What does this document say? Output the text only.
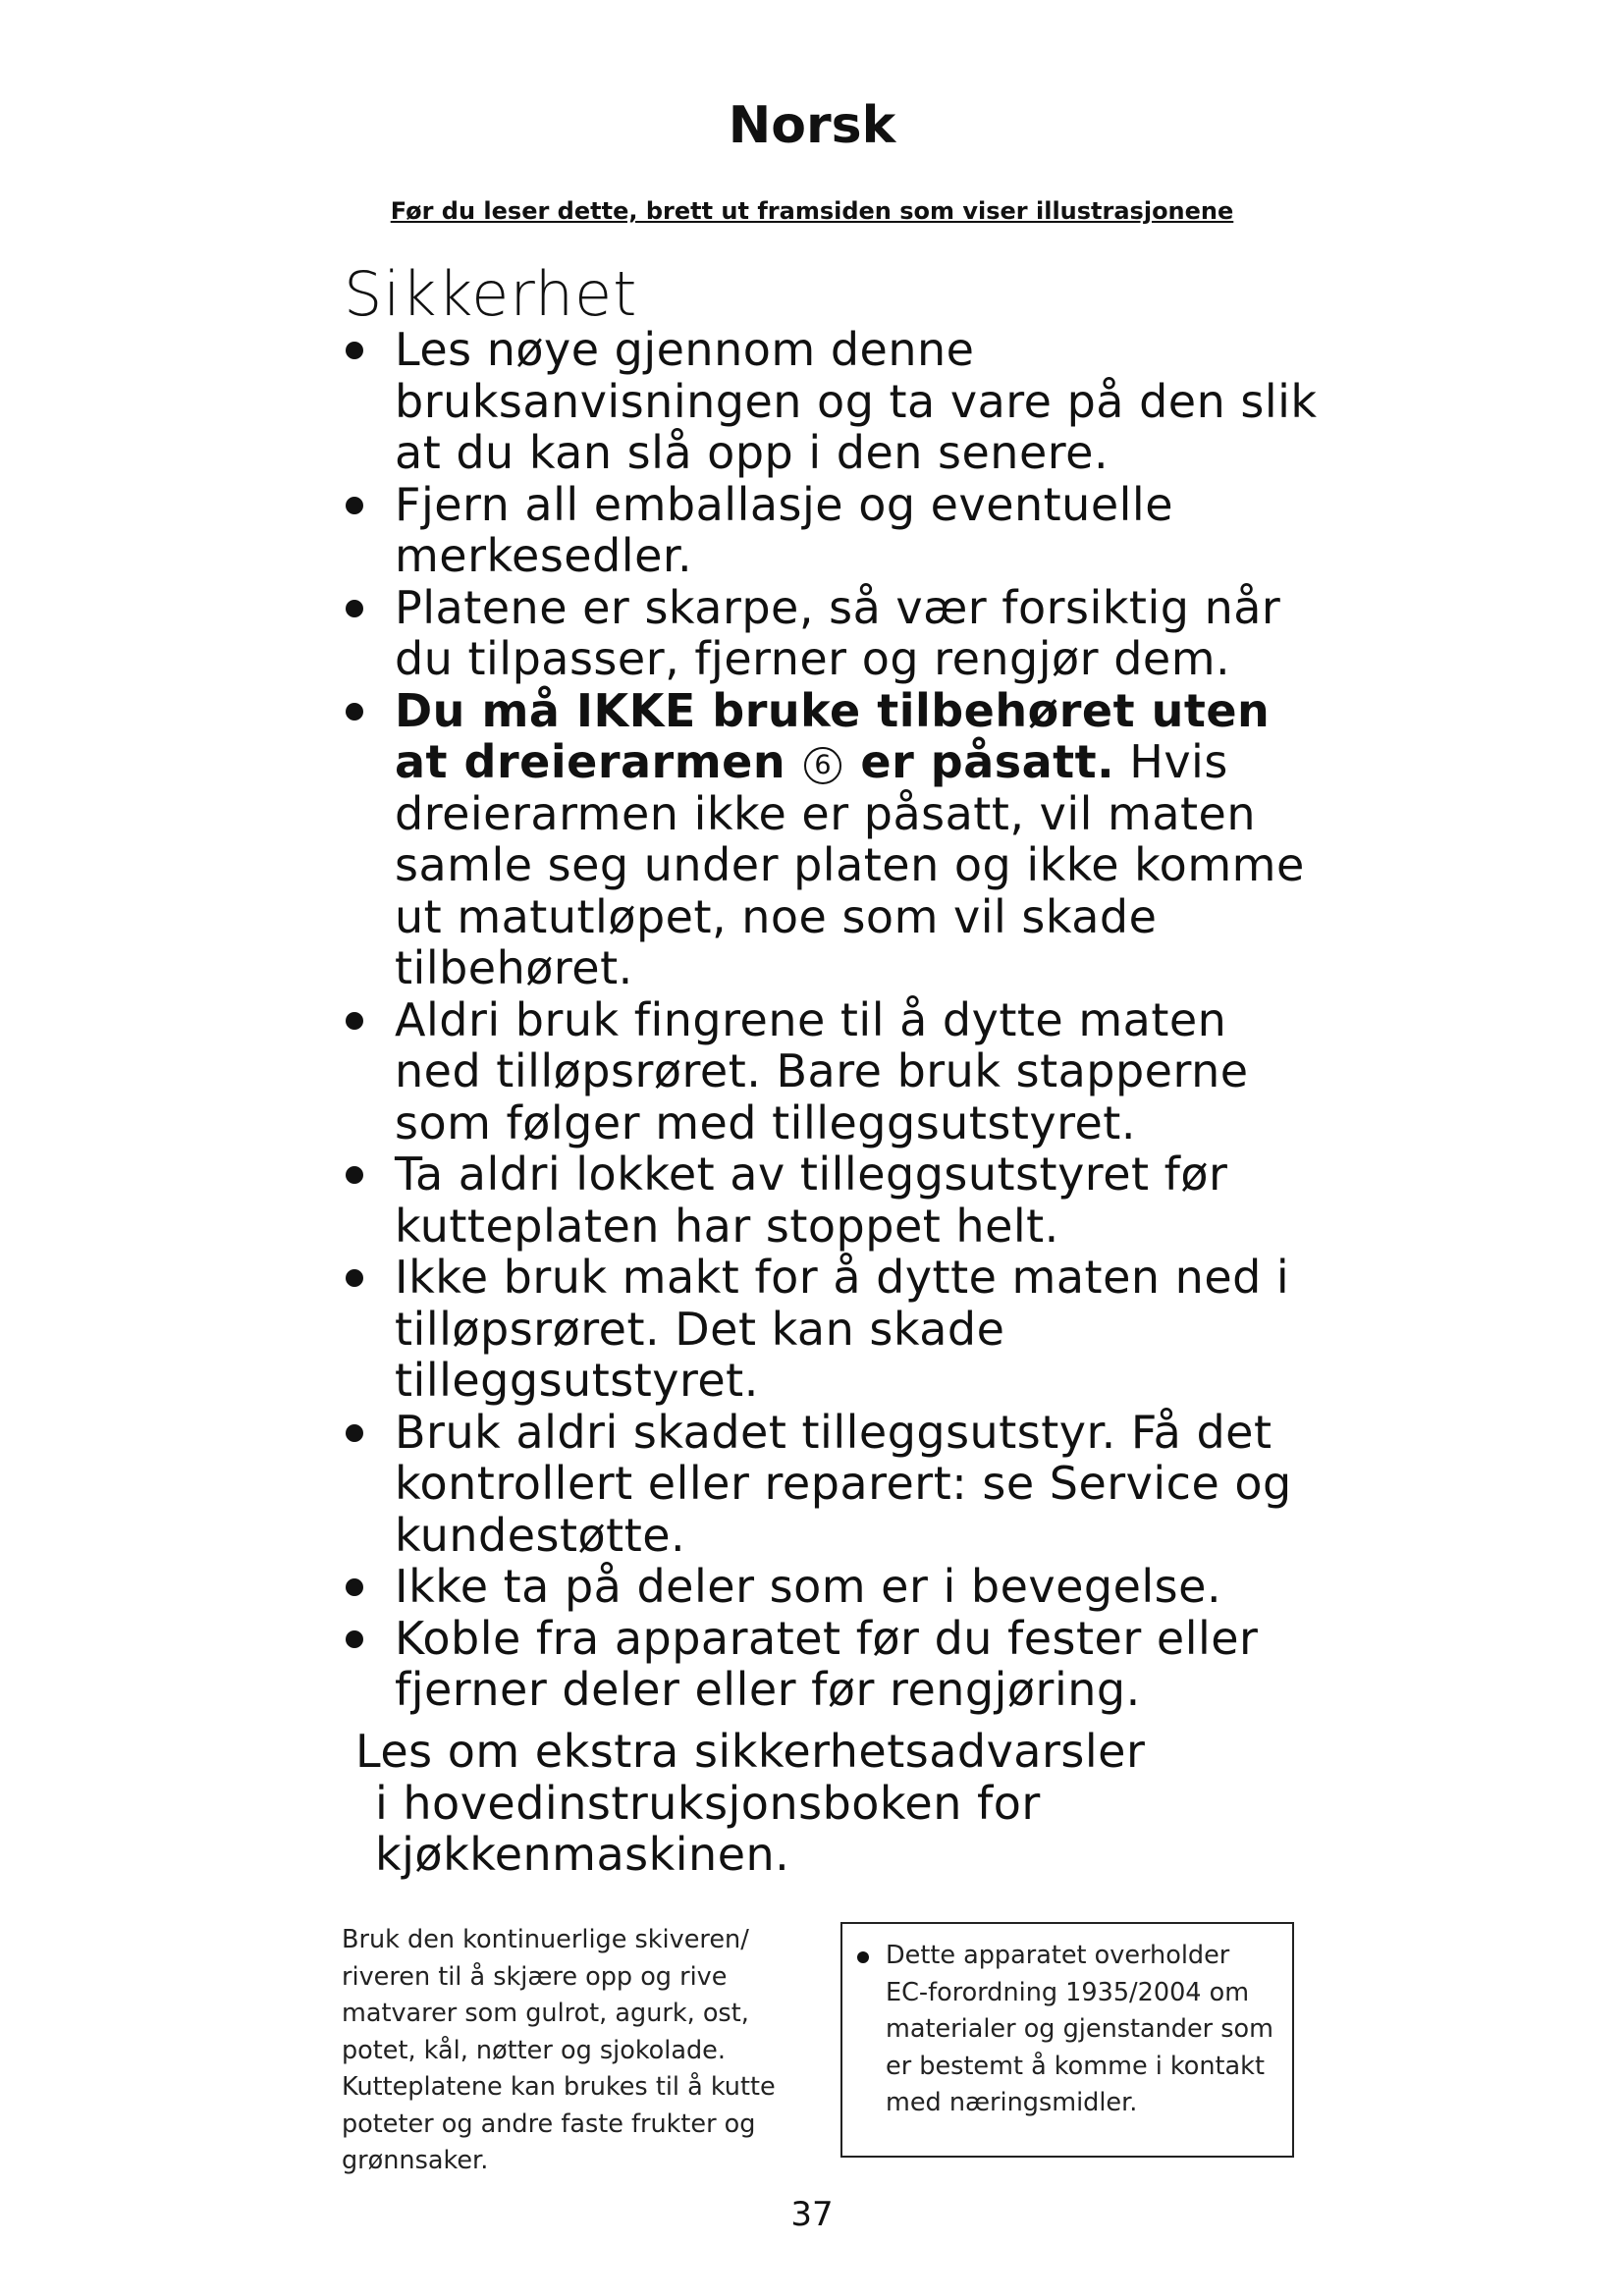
Norsk
Før du leser dette, brett ut framsiden som viser illustrasjonene
Sikkerhet
Les nøye gjennom denne bruksanvisningen og ta vare på den slik at du kan slå opp i den senere.
Fjern all emballasje og eventuelle merkesedler.
Platene er skarpe, så vær forsiktig når du tilpasser, fjerner og rengjør dem.
Du må IKKE bruke tilbehøret uten at dreierarmen 6 er påsatt. Hvis dreierarmen ikke er påsatt, vil maten samle seg under platen og ikke komme ut matutløpet, noe som vil skade tilbehøret.
Aldri bruk fingrene til å dytte maten ned tilløpsrøret. Bare bruk stapperne som følger med tilleggsutstyret.
Ta aldri lokket av tilleggsutstyret før kutteplaten har stoppet helt.
Ikke bruk makt for å dytte maten ned i tilløpsrøret. Det kan skade tilleggsutstyret.
Bruk aldri skadet tilleggsutstyr. Få det kontrollert eller reparert: se Service og kundestøtte.
Ikke ta på deler som er i bevegelse.
Koble fra apparatet før du fester eller fjerner deler eller før rengjøring.
Les om ekstra sikkerhetsadvarsler
i hovedinstruksjonsboken for
kjøkkenmaskinen.
Bruk den kontinuerlige skiveren/ riveren til å skjære opp og rive matvarer som gulrot, agurk, ost, potet, kål, nøtter og sjokolade. Kutteplatene kan brukes til å kutte poteter og andre faste frukter og grønnsaker.
Dette apparatet overholder EC-forordning 1935/2004 om materialer og gjenstander som er bestemt å komme i kontakt med næringsmidler.
37
